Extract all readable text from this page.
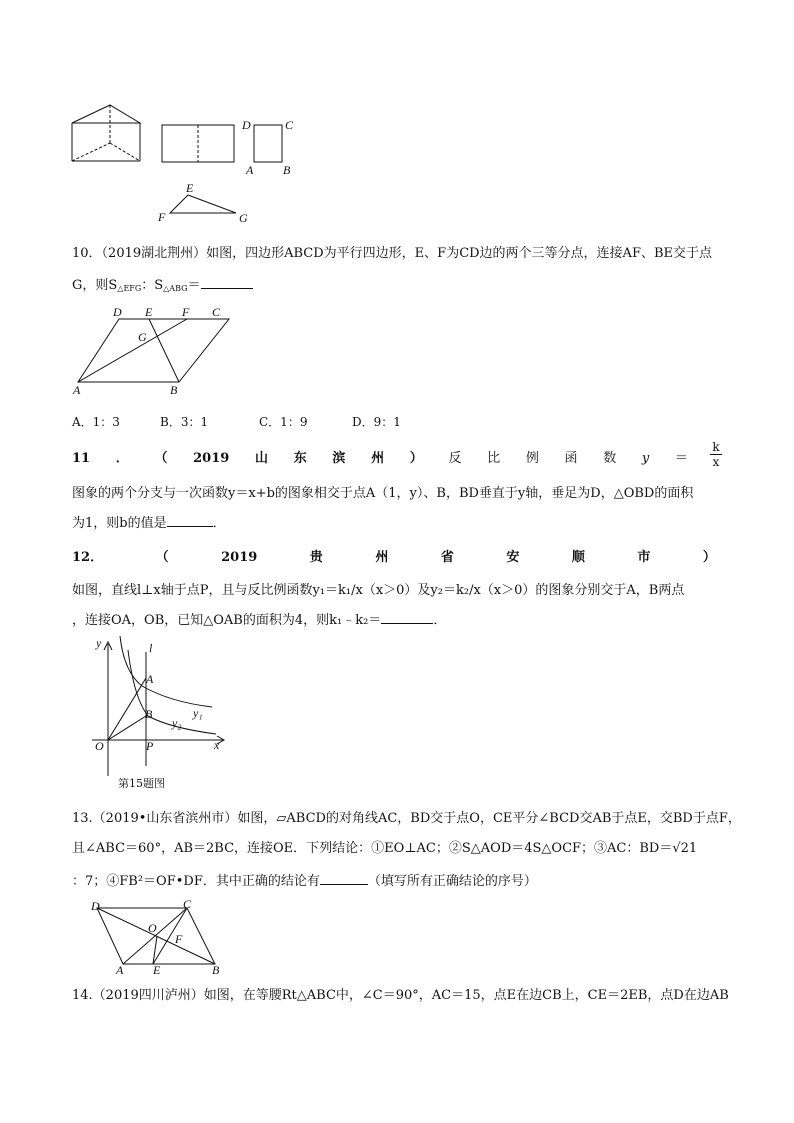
D	C
A B
E
F	G
10．（2019湖北荆州）如图，四边形ABCD为平行四边形，E、F为CD边的两个三等分点，连接AF、BE交于点
G，则$S_{\triangle EFG}$：$S_{\triangle ABG}=$
D E F C
G
A	B
A．1：3	B．3：1	C．1：9	D．9：1
11 ． （ 2019 山 东 滨 州 ） 反 比 例 函 数 $y = \frac{k}{x}$
图象的两个分支与一次函数y＝x+b的图象相交于点A（1，y）、B，BD垂直于y轴，垂足为D，△OBD的面积
为1，则b的值是	．
12．	（	2019	贵	州	省	安	顺	市	）
如图，直线l⊥x轴于点P，且与反比例函数y₁＝k₁/x（x＞0）及y₂＝k₂/x（x＞0）的图象分别交于A，B两点
，连接OA，OB，已知△OAB的面积为4，则k₁﹣k₂＝	．
y	l
A
B	y₁
y₂
O	P	x
第15题图
13.（2019•山东省滨州市）如图，▱ABCD的对角线AC，BD交于点O，CE平分∠BCD交AB于点E，交BD于点F，
且∠ABC＝60°，AB＝2BC，连接OE．下列结论：①EO⊥AC；②S△AOD＝4S△OCF；③AC：BD＝√21
：7；④FB²＝OF•DF．其中正确的结论有	（填写所有正确结论的序号）
D	C
O
F
A E	B
14.（2019四川泸州）如图，在等腰Rt△ABC中，∠C＝90°，AC＝15，点E在边CB上，CE＝2EB，点D在边AB
